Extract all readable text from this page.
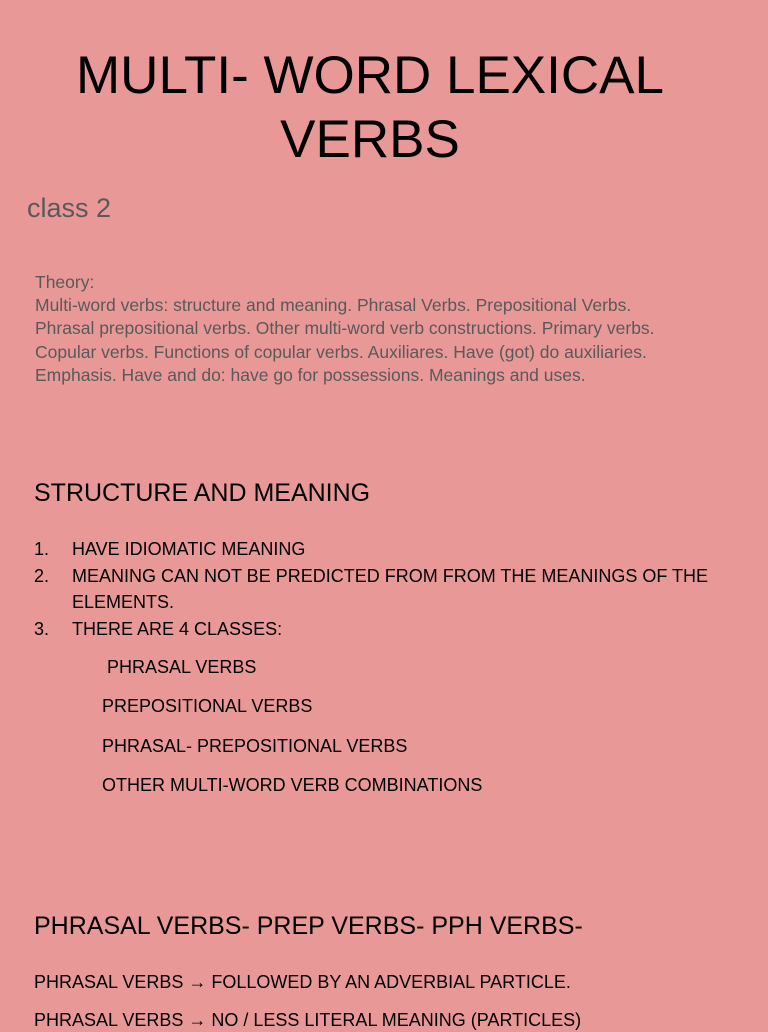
MULTI- WORD LEXICAL
VERBS
class 2
Theory:
Multi-word verbs: structure and meaning. Phrasal Verbs. Prepositional Verbs.
Phrasal prepositional verbs. Other multi-word verb constructions. Primary verbs.
Copular verbs. Functions of copular verbs. Auxiliares. Have (got) do auxiliaries.
Emphasis. Have and do: have go for possessions. Meanings and uses.
STRUCTURE AND MEANING
1.	HAVE IDIOMATIC MEANING
2.	MEANING CAN NOT BE PREDICTED FROM FROM THE MEANINGS OF THE ELEMENTS.
3.	THERE ARE 4 CLASSES:
PHRASAL VERBS
PREPOSITIONAL VERBS
PHRASAL- PREPOSITIONAL VERBS
OTHER MULTI-WORD VERB COMBINATIONS
PHRASAL VERBS- PREP VERBS- PPH VERBS-
PHRASAL VERBS → FOLLOWED BY AN ADVERBIAL PARTICLE.
PHRASAL VERBS → NO / LESS LITERAL MEANING (PARTICLES)
